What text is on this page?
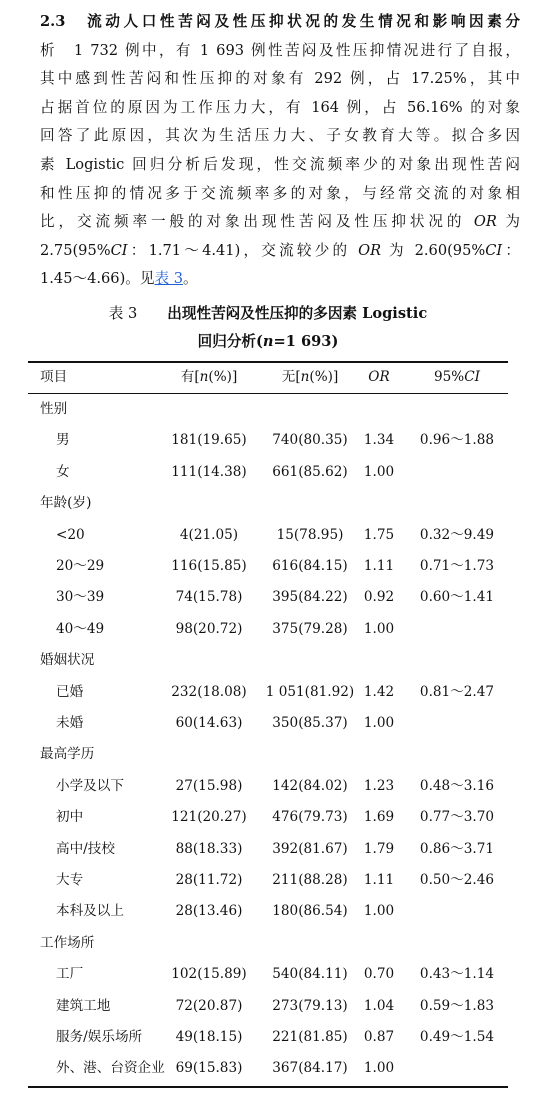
2.3　 流动人口性苦闷及性压抑状况的发生情况和影响因素分
析　1 732 例中，有 1 693 例性苦闷及性压抑情况进行了自报，
其中感到性苦闷和性压抑的对象有 292 例，占 17.25%，其中
占据首位的原因为工作压力大，有 164 例，占 56.16% 的对象
回答了此原因，其次为生活压力大、子女教育大等。拟合多因
素 Logistic 回归分析后发现，性交流频率少的对象出现性苦闷
和性压抑的情况多于交流频率多的对象，与经常交流的对象相
比，交流频率一般的对象出现性苦闷及性压抑状况的 OR 为
2.75(95%CI：1.71～4.41)，交流较少的 OR 为 2.60(95%CI：
1.45～4.66)。见表 3。
表 3 出现性苦闷及性压抑的多因素 Logistic
回归分析(n=1 693)
项目	有[n(%)]	无[n(%)]	OR	95%CI
性别
男	181(19.65)	740(80.35)	1.34	0.96～1.88
女	111(14.38)	661(85.62)	1.00
年龄(岁)
<20	4(21.05)	15(78.95)	1.75	0.32～9.49
20～29	116(15.85)	616(84.15)	1.11	0.71～1.73
30～39	74(15.78)	395(84.22)	0.92	0.60～1.41
40～49	98(20.72)	375(79.28)	1.00
婚姻状况
已婚	232(18.08)	1 051(81.92) 1.42	0.81～2.47
未婚	60(14.63)	350(85.37)	1.00
最高学历
小学及以下	27(15.98)	142(84.02)	1.23	0.48～3.16
初中	121(20.27)	476(79.73)	1.69	0.77～3.70
高中/技校	88(18.33)	392(81.67)	1.79	0.86～3.71
大专	28(11.72)	211(88.28)	1.11	0.50～2.46
本科及以上	28(13.46)	180(86.54)	1.00
工作场所
工厂	102(15.89)	540(84.11)	0.70	0.43～1.14
建筑工地	72(20.87)	273(79.13)	1.04	0.59～1.83
服务/娱乐场所	49(18.15)	221(81.85)	0.87	0.49～1.54
外、港、台资企业 69(15.83)	367(84.17)	1.00
